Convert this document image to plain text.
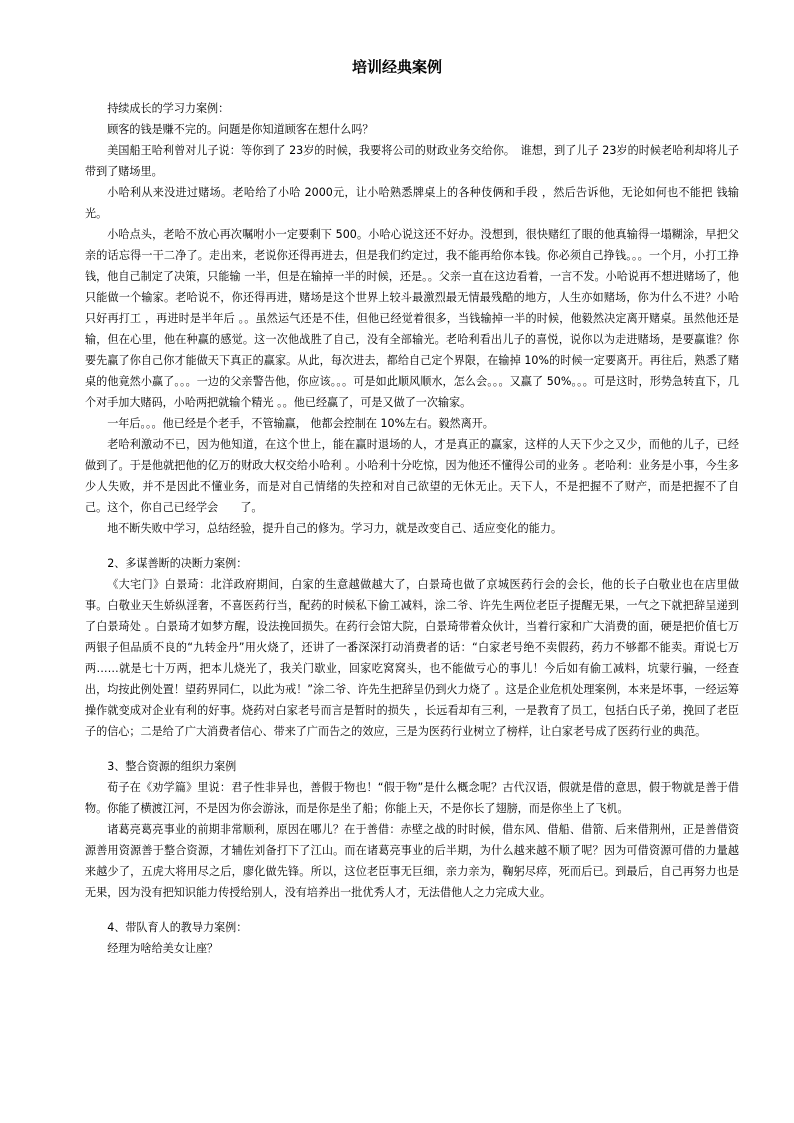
培训经典案例

持续成长的学习力案例：

顾客的钱是赚不完的。问题是你知道顾客在想什么吗？

美国船王哈利曾对儿子说：等你到了 23岁的时候，我要将公司的财政业务交给你。　谁想，到了儿子 23岁的时候老哈利却将儿子带到了赌场里。

小哈利从来没进过赌场。老哈给了小哈 2000元，让小哈熟悉牌桌上的各种伎俩和手段 ，然后告诉他，无论如何也不能把 钱输光。

小哈点头，老哈不放心再次嘱咐小一定要剩下 500。小哈心说这还不好办。没想到，很快赌红了眼的他真输得一塌糊涂，早把父亲的话忘得一干二净了。走出来，老说你还得再进去，但是我们约定过，我不能再给你本钱。你必须自己挣钱。。。一个月，小打工挣钱，他自己制定了决策，只能输 一半，但是在输掉一半的时候，还是。。父亲一直在这边看着，一言不发。小哈说再不想进赌场了，他只能做一个输家。老哈说不，你还得再进，赌场是这个世界上较斗最激烈最无情最残酷的地方，人生亦如赌场，你为什么不进？小哈只好再打工 ，再进时是半年后 。。虽然运气还是不佳，但他已经觉着很多，当钱输掉一半的时候，他毅然决定离开赌桌。虽然他还是输，但在心里，他在种赢的感觉。这一次他战胜了自己，没有全部输光。老哈利看出儿子的喜悦，说你以为走进赌场，是要赢谁？你要先赢了你自己你才能做天下真正的赢家。从此，每次进去，都给自己定个界限，在输掉 10%的时候一定要离开。再往后，熟悉了赌桌的他竟然小赢了。。。一边的父亲警告他，你应该。。。可是如此顺风顺水，怎么会。。。又赢了 50%。。。可是这时，形势急转直下，几个对手加大赌码，小哈两把就输个精光 。。他已经赢了，可是又做了一次输家。

一年后。。。他已经是个老手，不管输赢， 他都会控制在 10%左右。毅然离开。

老哈利激动不已，因为他知道，在这个世上，能在赢时退场的人，才是真正的赢家，这样的人天下少之又少，而他的儿子，已经做到了。于是他就把他的亿万的财政大权交给小哈利 。小哈利十分吃惊，因为他还不懂得公司的业务 。老哈利：业务是小事，今生多少人失败，并不是因此不懂业务，而是对自己情绪的失控和对自己欲望的无休无止。天下人，不是把握不了财产，而是把握不了自己。这个，你自己已经学会　　了。

地不断失败中学习，总结经验，提升自己的修为。学习力，就是改变自己、适应变化的能力。

2、多谋善断的决断力案例：

《大宅门》白景琦：北洋政府期间，白家的生意越做越大了，白景琦也做了京城医药行会的会长，他的长子白敬业也在店里做事。白敬业天生娇纵淫奢，不喜医药行当，配药的时候私下偷工减料，涂二爷、许先生两位老臣子提醒无果，一气之下就把辞呈递到了白景琦处 。白景琦才如梦方醒，设法挽回损失。在药行会馆大院，白景琦带着众伙计，当着行家和广大消费的面，硬是把价值七万两银子但品质不良的“九转金丹”用火烧了，还讲了一番深深打动消费者的话：“白家老号绝不卖假药，药力不够都不能卖。甭说七万两……就是七十万两，把本儿烧光了，我关门歇业，回家吃窝窝头，也不能做亏心的事儿！今后如有偷工减料，坑蒙行骗，一经查出，均按此例处置！望药界同仁，以此为戒！”涂二爷、许先生把辞呈仍到火力烧了 。这是企业危机处理案例，本来是坏事，一经运筹操作就变成对企业有利的好事。烧药对白家老号而言是暂时的损失 ，长远看却有三利，一是教育了员工，包括白氏子弟，挽回了老臣子的信心；二是给了广大消费者信心、带来了广而告之的效应，三是为医药行业树立了榜样，让白家老号成了医药行业的典范。

3、整合资源的组织力案例

荀子在《劝学篇》里说：君子性非异也，善假于物也！“假于物”是什么概念呢？古代汉语，假就是借的意思，假于物就是善于借物。你能了横渡江河，不是因为你会游泳，而是你是坐了船；你能上天，不是你长了翅膀，而是你坐上了飞机。

诸葛亮葛亮事业的前期非常顺利，原因在哪儿？在于善借：赤壁之战的时时候，借东风、借船、借箭、后来借荆州，正是善借资源善用资源善于整合资源，才辅佐刘备打下了江山。而在诸葛亮事业的后半期，为什么越来越不顺了呢？因为可借资源可借的力量越来越少了，五虎大将用尽之后，廖化做先锋。所以，这位老臣事无巨细，亲力亲为，鞠躬尽瘁，死而后已。到最后，自己再努力也是无果，因为没有把知识能力传授给别人，没有培养出一批优秀人才，无法借他人之力完成大业。

4、带队育人的教导力案例：

经理为啥给美女让座？
